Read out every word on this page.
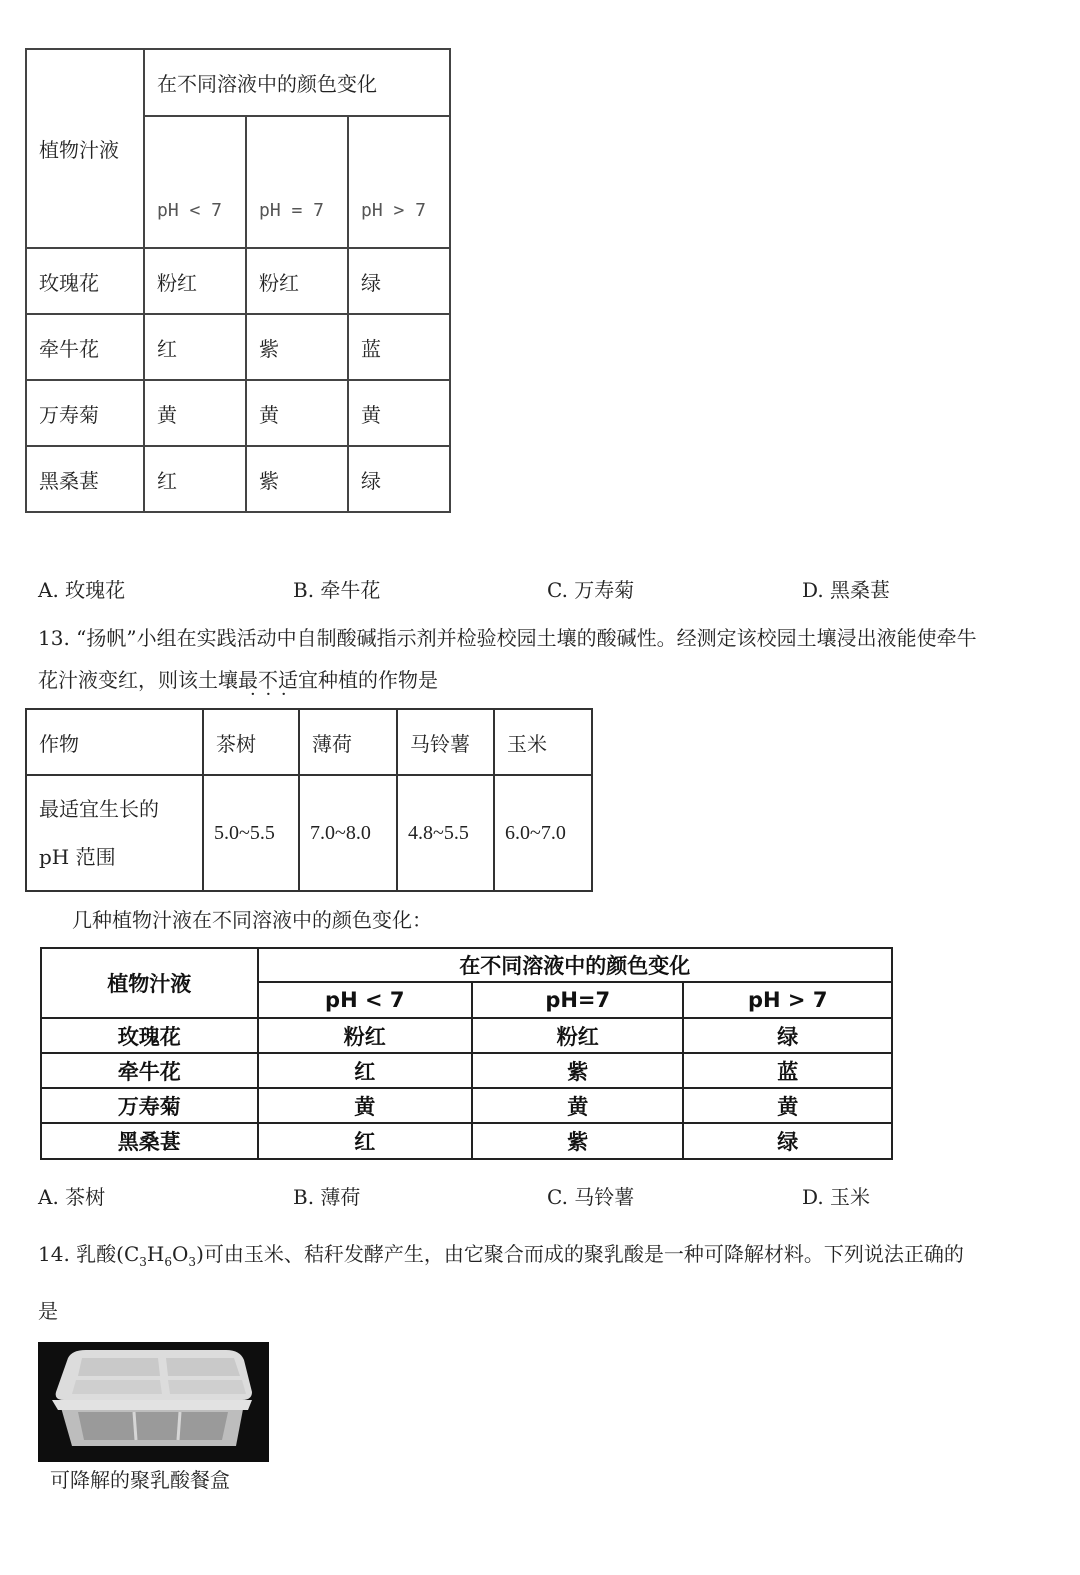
植物汁液	在不同溶液中的颜色变化		
	pH < 7	pH = 7	pH > 7
玫瑰花	粉红	粉红	绿
牵牛花	红	紫	蓝
万寿菊	黄	黄	黄
黑桑葚	红	紫	绿
A. 玫瑰花	B. 牵牛花	C. 万寿菊	D. 黑桑葚
13. “扬帆”小组在实践活动中自制酸碱指示剂并检验校园土壤的酸碱性。经测定该校园土壤浸出液能使牵牛
花汁液变红，则该土壤最不适宜 · · ·种植的作物是
作物	茶树	薄荷	马铃薯	玉米

最适宜生长的
pH 范围	5.0~5.5	7.0~8.0	4.8~5.5	6.0~7.0
几种植物汁液在不同溶液中的颜色变化：
植物汁液	在不同溶液中的颜色变化		
	pH < 7	pH=7	pH > 7
玫瑰花	粉红	粉红	绿
牵牛花	红	紫	蓝
万寿菊	黄	黄	黄
黑桑葚	红	紫	绿
A. 茶树	B. 薄荷	C. 马铃薯	D. 玉米
14. 乳酸$(C_3H_6O_3)$可由玉米、秸秆发酵产生，由它聚合而成的聚乳酸是一种可降解材料。下列说法正确的
是
可降解的聚乳酸餐盒
